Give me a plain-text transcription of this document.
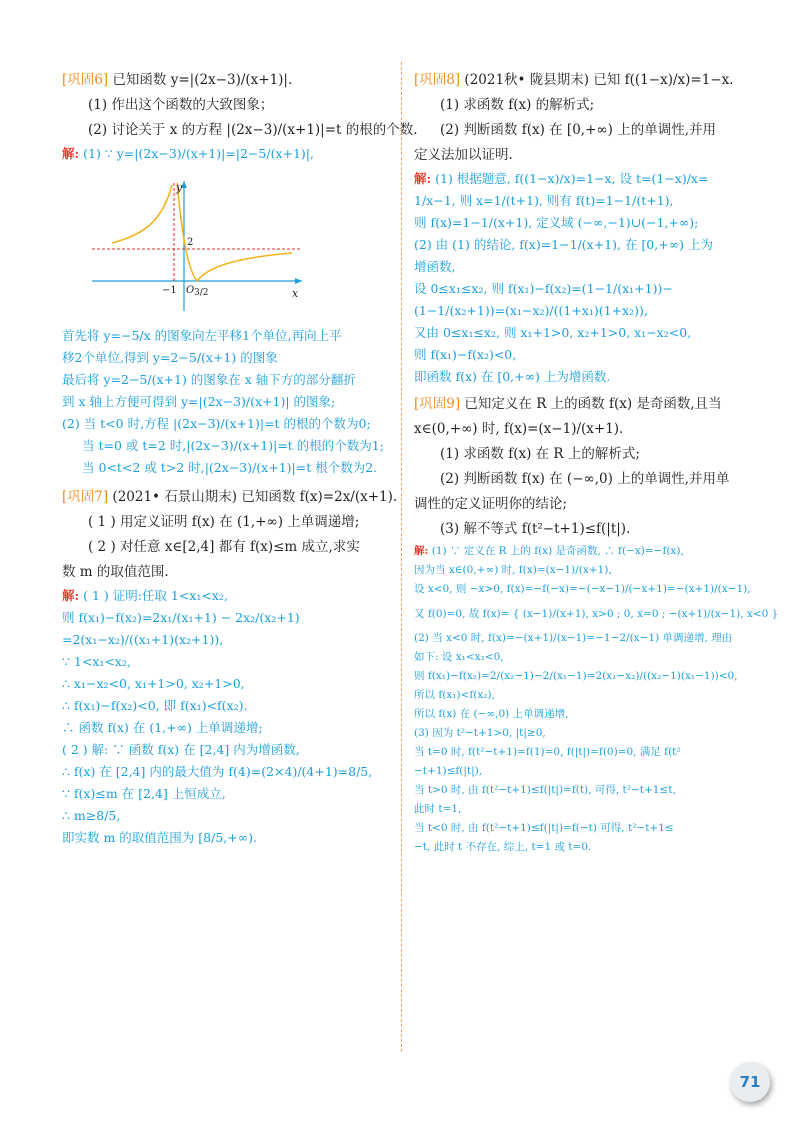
[巩固6] 已知函数 y=|(2x−3)/(x+1)|.
(1) 作出这个函数的大致图象；
(2) 讨论关于 x 的方程 |(2x−3)/(x+1)|=t 的根的个数.
解: (1) ∵ y=|(2x−3)/(x+1)|=|2−5/(x+1)|,
y
x
O
−1
2
3/2
首先将 y=−5/x 的图象向左平移1个单位,再向上平
移2个单位,得到 y=2−5/(x+1) 的图象
最后将 y=2−5/(x+1) 的图象在 x 轴下方的部分翻折
到 x 轴上方便可得到 y=|(2x−3)/(x+1)| 的图象;
(2) 当 t<0 时,方程 |(2x−3)/(x+1)|=t 的根的个数为0;
当 t=0 或 t=2 时,|(2x−3)/(x+1)|=t 的根的个数为1;
当 0<t<2 或 t>2 时,|(2x−3)/(x+1)|=t 根个数为2.
[巩固7] (2021• 石景山期末) 已知函数 f(x)=2x/(x+1).
( 1 ) 用定义证明 f(x) 在 (1,+∞) 上单调递增;
( 2 ) 对任意 x∈[2,4] 都有 f(x)≤m 成立,求实
数 m 的取值范围.
解: ( 1 ) 证明:任取 1<x₁<x₂,
则 f(x₁)−f(x₂)=2x₁/(x₁+1) − 2x₂/(x₂+1)
=2(x₁−x₂)/((x₁+1)(x₂+1)),
∵ 1<x₁<x₂,
∴ x₁−x₂<0, x₁+1>0, x₂+1>0,
∴ f(x₁)−f(x₂)<0, 即 f(x₁)<f(x₂).
∴ 函数 f(x) 在 (1,+∞) 上单调递增;
( 2 ) 解: ∵ 函数 f(x) 在 [2,4] 内为增函数,
∴ f(x) 在 [2,4] 内的最大值为 f(4)=(2×4)/(4+1)=8/5,
∵ f(x)≤m 在 [2,4] 上恒成立,
∴ m≥8/5,
即实数 m 的取值范围为 [8/5,+∞).
[巩固8] (2021秋• 陇县期末) 已知 f((1−x)/x)=1−x.
(1) 求函数 f(x) 的解析式;
(2) 判断函数 f(x) 在 [0,+∞) 上的单调性,并用
定义法加以证明.
解: (1) 根据题意, f((1−x)/x)=1−x, 设 t=(1−x)/x=
1/x−1, 则 x=1/(t+1), 则有 f(t)=1−1/(t+1),
则 f(x)=1−1/(x+1), 定义域 (−∞,−1)∪(−1,+∞);
(2) 由 (1) 的结论, f(x)=1−1/(x+1), 在 [0,+∞) 上为
增函数,
设 0≤x₁≤x₂, 则 f(x₁)−f(x₂)=(1−1/(x₁+1))−
(1−1/(x₂+1))=(x₁−x₂)/((1+x₁)(1+x₂)),
又由 0≤x₁≤x₂, 则 x₁+1>0, x₂+1>0, x₁−x₂<0,
则 f(x₁)−f(x₂)<0,
即函数 f(x) 在 [0,+∞) 上为增函数.
[巩固9] 已知定义在 R 上的函数 f(x) 是奇函数,且当
x∈(0,+∞) 时, f(x)=(x−1)/(x+1).
(1) 求函数 f(x) 在 R 上的解析式;
(2) 判断函数 f(x) 在 (−∞,0) 上的单调性,并用单
调性的定义证明你的结论;
(3) 解不等式 f(t²−t+1)≤f(|t|).
解: (1) ∵ 定义在 R 上的 f(x) 是奇函数, ∴ f(−x)=−f(x),
因为当 x∈(0,+∞) 时, f(x)=(x−1)/(x+1),
设 x<0, 则 −x>0, f(x)=−f(−x)=−(−x−1)/(−x+1)=−(x+1)/(x−1),
又 f(0)=0, 故 f(x)= { (x−1)/(x+1), x>0 ; 0, x=0 ; −(x+1)/(x−1), x<0 }
(2) 当 x<0 时, f(x)=−(x+1)/(x−1)=−1−2/(x−1) 单调递增, 理由
如下: 设 x₁<x₂<0,
则 f(x₁)−f(x₂)=2/(x₂−1)−2/(x₁−1)=2(x₁−x₂)/((x₂−1)(x₁−1))<0,
所以 f(x₁)<f(x₂),
所以 f(x) 在 (−∞,0) 上单调递增,
(3) 因为 t²−t+1>0, |t|≥0,
当 t=0 时, f(t²−t+1)=f(1)=0, f(|t|)=f(0)=0, 满足 f(t²
−t+1)≤f(|t|),
当 t>0 时, 由 f(t²−t+1)≤f(|t|)=f(t), 可得, t²−t+1≤t,
此时 t=1,
当 t<0 时, 由 f(t²−t+1)≤f(|t|)=f(−t) 可得, t²−t+1≤
−t, 此时 t 不存在, 综上, t=1 或 t=0.
71
